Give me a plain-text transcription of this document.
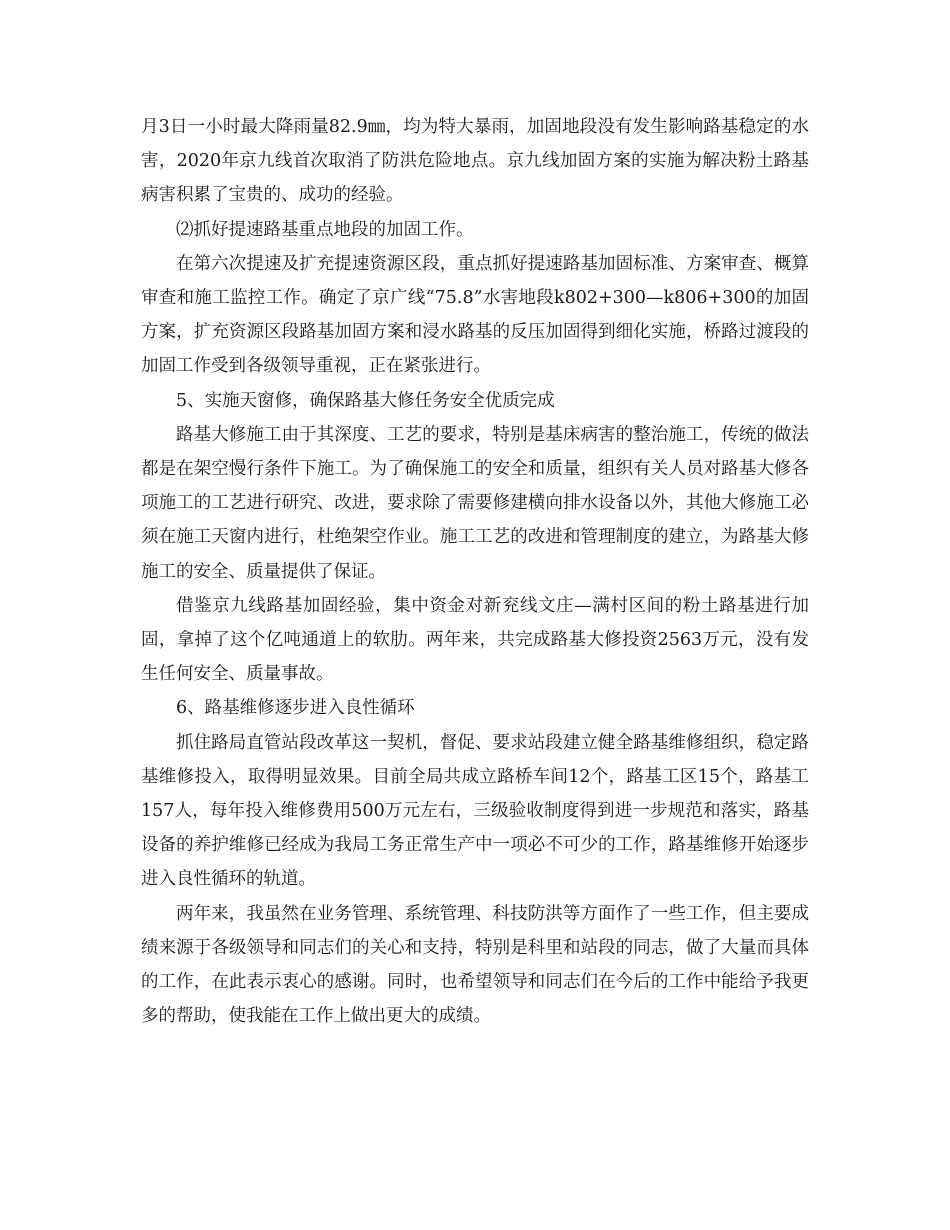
月3日一小时最大降雨量82.9㎜，均为特大暴雨，加固地段没有发生影响路基稳定的水害，2020年京九线首次取消了防洪危险地点。京九线加固方案的实施为解决粉土路基病害积累了宝贵的、成功的经验。

⑵抓好提速路基重点地段的加固工作。

在第六次提速及扩充提速资源区段，重点抓好提速路基加固标准、方案审查、概算审查和施工监控工作。确定了京广线“75.8”水害地段k802+300—k806+300的加固方案，扩充资源区段路基加固方案和浸水路基的反压加固得到细化实施，桥路过渡段的加固工作受到各级领导重视，正在紧张进行。

5、实施天窗修，确保路基大修任务安全优质完成

路基大修施工由于其深度、工艺的要求，特别是基床病害的整治施工，传统的做法都是在架空慢行条件下施工。为了确保施工的安全和质量，组织有关人员对路基大修各项施工的工艺进行研究、改进，要求除了需要修建横向排水设备以外，其他大修施工必须在施工天窗内进行，杜绝架空作业。施工工艺的改进和管理制度的建立，为路基大修施工的安全、质量提供了保证。

借鉴京九线路基加固经验，集中资金对新兖线文庄—满村区间的粉土路基进行加固，拿掉了这个亿吨通道上的软肋。两年来，共完成路基大修投资2563万元，没有发生任何安全、质量事故。

6、路基维修逐步进入良性循环

抓住路局直管站段改革这一契机，督促、要求站段建立健全路基维修组织，稳定路基维修投入，取得明显效果。目前全局共成立路桥车间12个，路基工区15个，路基工157人，每年投入维修费用500万元左右，三级验收制度得到进一步规范和落实，路基设备的养护维修已经成为我局工务正常生产中一项必不可少的工作，路基维修开始逐步进入良性循环的轨道。

两年来，我虽然在业务管理、系统管理、科技防洪等方面作了一些工作，但主要成绩来源于各级领导和同志们的关心和支持，特别是科里和站段的同志，做了大量而具体的工作，在此表示衷心的感谢。同时，也希望领导和同志们在今后的工作中能给予我更多的帮助，使我能在工作上做出更大的成绩。
